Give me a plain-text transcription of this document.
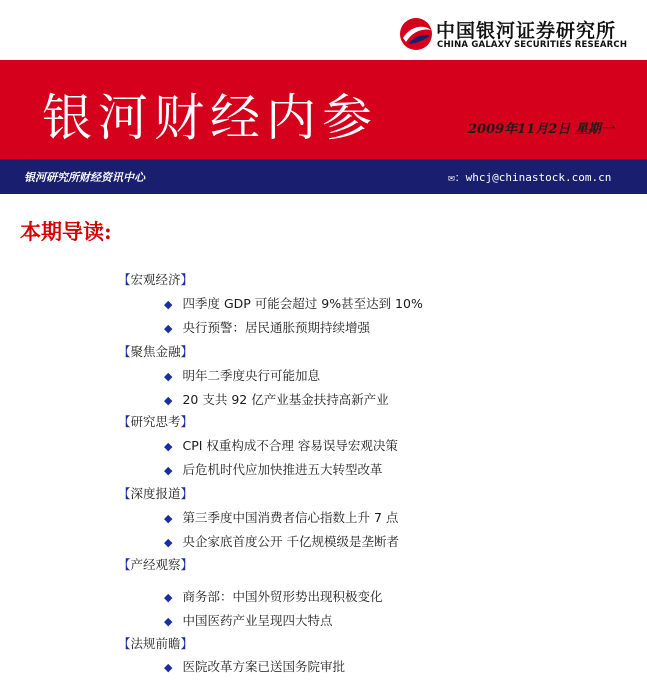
中国银河证券研究所
CHINA GALAXY SECURITIES RESEARCH
银河财经内参	2009年11月2日 星期一
银河研究所财经资讯中心	✉：whcj@chinastock.com.cn
本期导读:
【宏观经济】
◆ 四季度 GDP 可能会超过 9%甚至达到 10%
◆ 央行预警：居民通胀预期持续增强
【聚焦金融】
◆ 明年二季度央行可能加息
◆ 20 支共 92 亿产业基金扶持高新产业
【研究思考】
◆ CPI 权重构成不合理 容易误导宏观决策
◆ 后危机时代应加快推进五大转型改革
【深度报道】
◆ 第三季度中国消费者信心指数上升 7 点
◆ 央企家底首度公开 千亿规模级是垄断者
【产经观察】
◆ 商务部：中国外贸形势出现积极变化
◆ 中国医药产业呈现四大特点
【法规前瞻】
◆ 医院改革方案已送国务院审批
